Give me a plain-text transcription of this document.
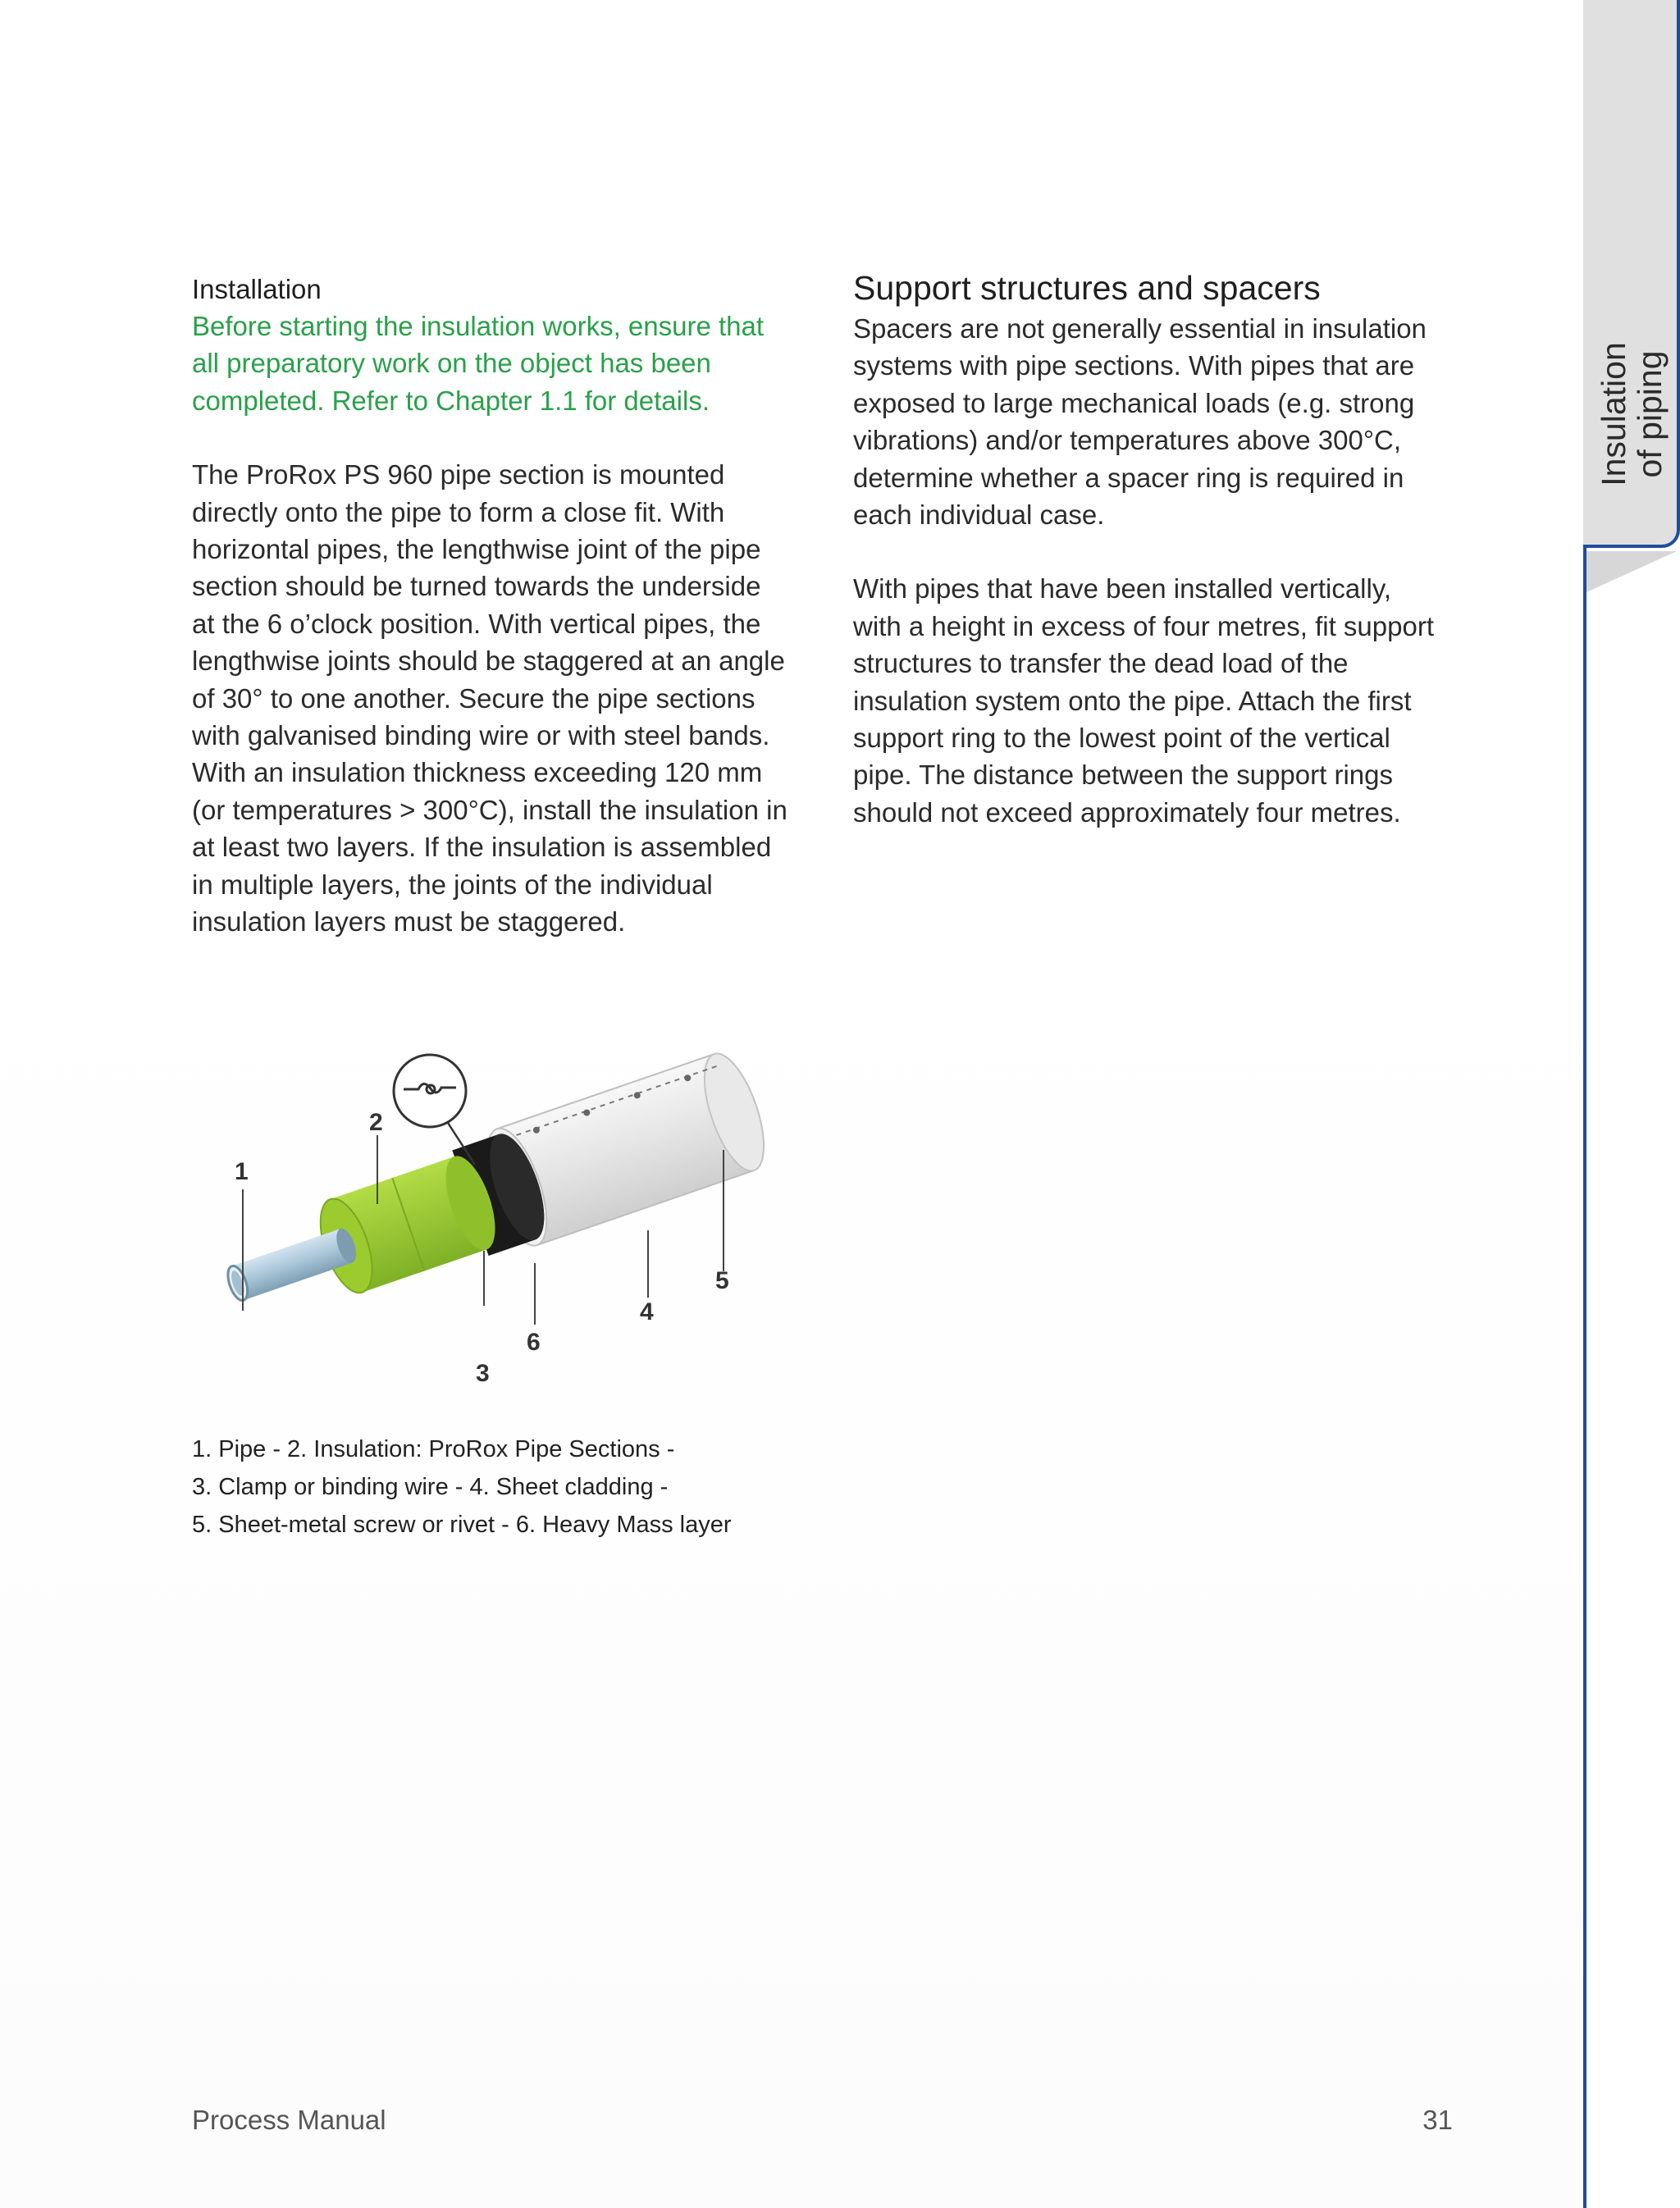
Insulation
of piping
Installation
Before starting the insulation works, ensure that
all preparatory work on the object has been
completed. Refer to Chapter 1.1 for details.
The ProRox PS 960 pipe section is mounted
directly onto the pipe to form a close fit. With
horizontal pipes, the lengthwise joint of the pipe
section should be turned towards the underside
at the 6 o’clock position. With vertical pipes, the
lengthwise joints should be staggered at an angle
of 30° to one another. Secure the pipe sections
with galvanised binding wire or with steel bands.
With an insulation thickness exceeding 120 mm
(or temperatures > 300°C), install the insulation in
at least two layers. If the insulation is assembled
in multiple layers, the joints of the individual
insulation layers must be staggered.
Support structures and spacers
Spacers are not generally essential in insulation
systems with pipe sections. With pipes that are
exposed to large mechanical loads (e.g. strong
vibrations) and/or temperatures above 300°C,
determine whether a spacer ring is required in
each individual case.
With pipes that have been installed vertically,
with a height in excess of four metres, fit support
structures to transfer the dead load of the
insulation system onto the pipe. Attach the first
support ring to the lowest point of the vertical
pipe. The distance between the support rings
should not exceed approximately four metres.
1
2
3
4
5
6
1. Pipe - 2. Insulation: ProRox Pipe Sections -
3. Clamp or binding wire - 4. Sheet cladding -
5. Sheet-metal screw or rivet - 6. Heavy Mass layer
Process Manual	31
